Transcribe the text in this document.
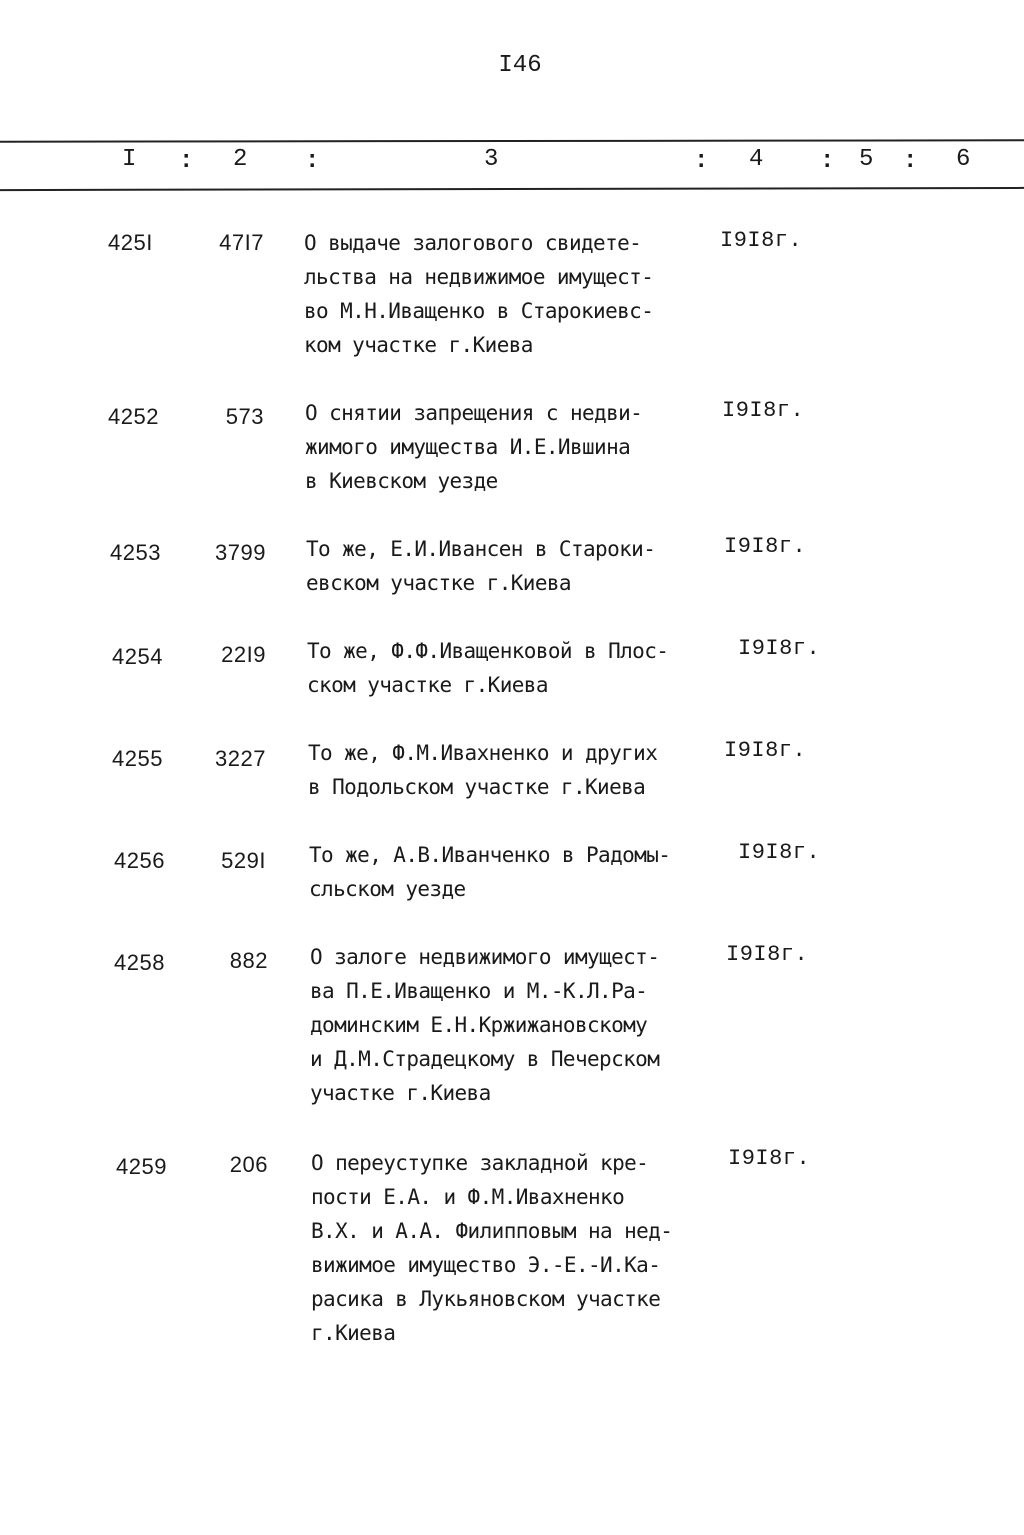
I46
I : 2 :	3	: 4 : 5 : 6
425I	47I7 О выдаче залогового свидете-
льства на недвижимое имущест-
во М.Н.Иващенко в Старокиевс-
ком участке г.Киева
I9I8г.
4252	573 О снятии запрещения с недви-
жимого имущества И.Е.Ившина
в Киевском уезде
I9I8г.
4253	3799 То же, Е.И.Ивансен в Староки-
евском участке г.Киева
I9I8г.
4254	22I9 То же, Ф.Ф.Иващенковой в Плос-
ском участке г.Киева
I9I8г.
4255	3227 То же, Ф.М.Ивахненко и других
в Подольском участке г.Киева
I9I8г.
4256	529I То же, А.В.Иванченко в Радомы-
сльском уезде
I9I8г.
4258	882 О залоге недвижимого имущест-
ва П.Е.Иващенко и М.-К.Л.Ра-
доминским Е.Н.Кржижановскому
и Д.М.Страдецкому в Печерском
участке г.Киева
I9I8г.
4259	206 О переуступке закладной кре-
пости Е.А. и Ф.М.Ивахненко
В.Х. и А.А. Филипповым на нед-
вижимое имущество Э.-Е.-И.Ка-
расика в Лукьяновском участке
г.Киева
I9I8г.
